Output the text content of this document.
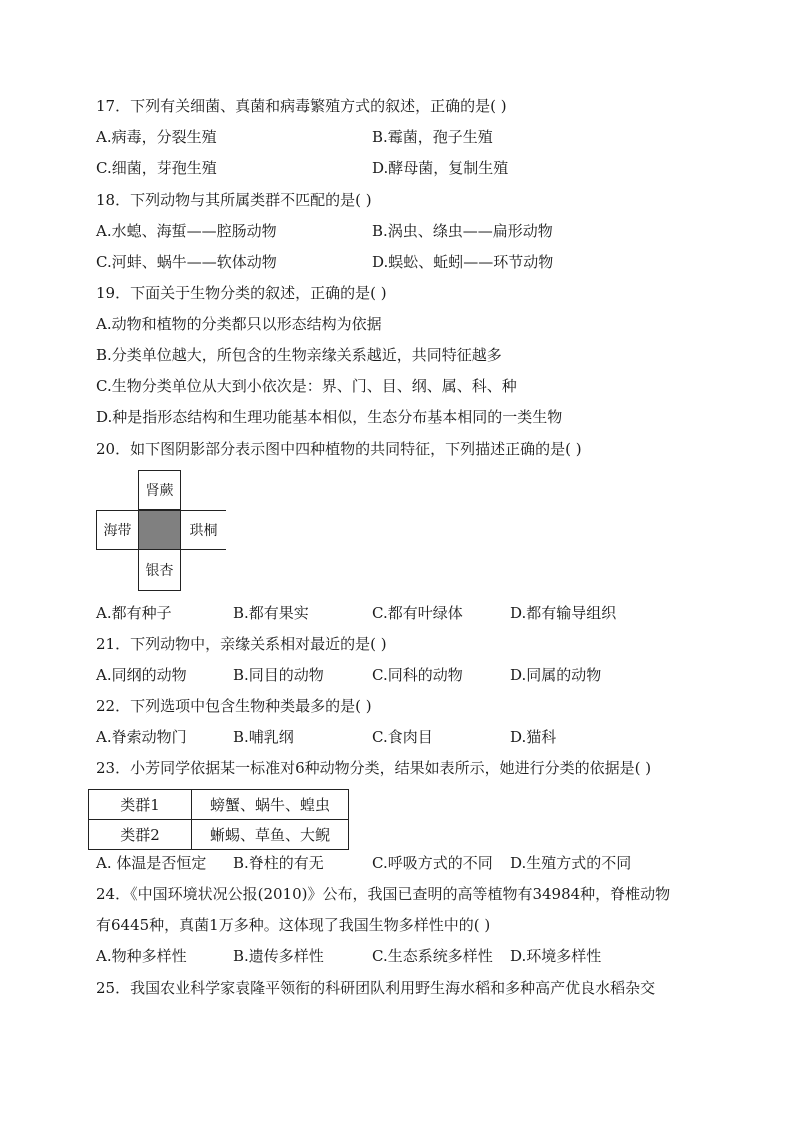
17．下列有关细菌、真菌和病毒繁殖方式的叙述，正确的是( )
A.病毒，分裂生殖	B.霉菌，孢子生殖
C.细菌，芽孢生殖	D.酵母菌，复制生殖
18．下列动物与其所属类群不匹配的是( )
A.水螅、海蜇——腔肠动物	B.涡虫、绦虫——扁形动物
C.河蚌、蜗牛——软体动物	D.蜈蚣、蚯蚓——环节动物
19．下面关于生物分类的叙述，正确的是( )
A.动物和植物的分类都只以形态结构为依据
B.分类单位越大，所包含的生物亲缘关系越近，共同特征越多
C.生物分类单位从大到小依次是：界、门、目、纲、属、科、种
D.种是指形态结构和生理功能基本相似，生态分布基本相同的一类生物
20．如下图阴影部分表示图中四种植物的共同特征，下列描述正确的是( )
肾蕨
海带	珙桐
银杏
A.都有种子	B.都有果实	C.都有叶绿体	D.都有输导组织
21．下列动物中，亲缘关系相对最近的是( )
A.同纲的动物	B.同目的动物	C.同科的动物	D.同属的动物
22．下列选项中包含生物种类最多的是( )
A.脊索动物门	B.哺乳纲	C.食肉目	D.猫科
23．小芳同学依据某一标准对6种动物分类，结果如表所示，她进行分类的依据是( )
类群1	螃蟹、蜗牛、蝗虫
类群2	蜥蜴、草鱼、大鲵
A. 体温是否恒定 B.脊柱的有无	C.呼吸方式的不同 D.生殖方式的不同
24．《中国环境状况公报(2010)》公布，我国已查明的高等植物有34984种，脊椎动物
有6445种，真菌1万多种。这体现了我国生物多样性中的( )
A.物种多样性	B.遗传多样性	C.生态系统多样性 D.环境多样性
25．我国农业科学家袁隆平领衔的科研团队利用野生海水稻和多种高产优良水稻杂交
